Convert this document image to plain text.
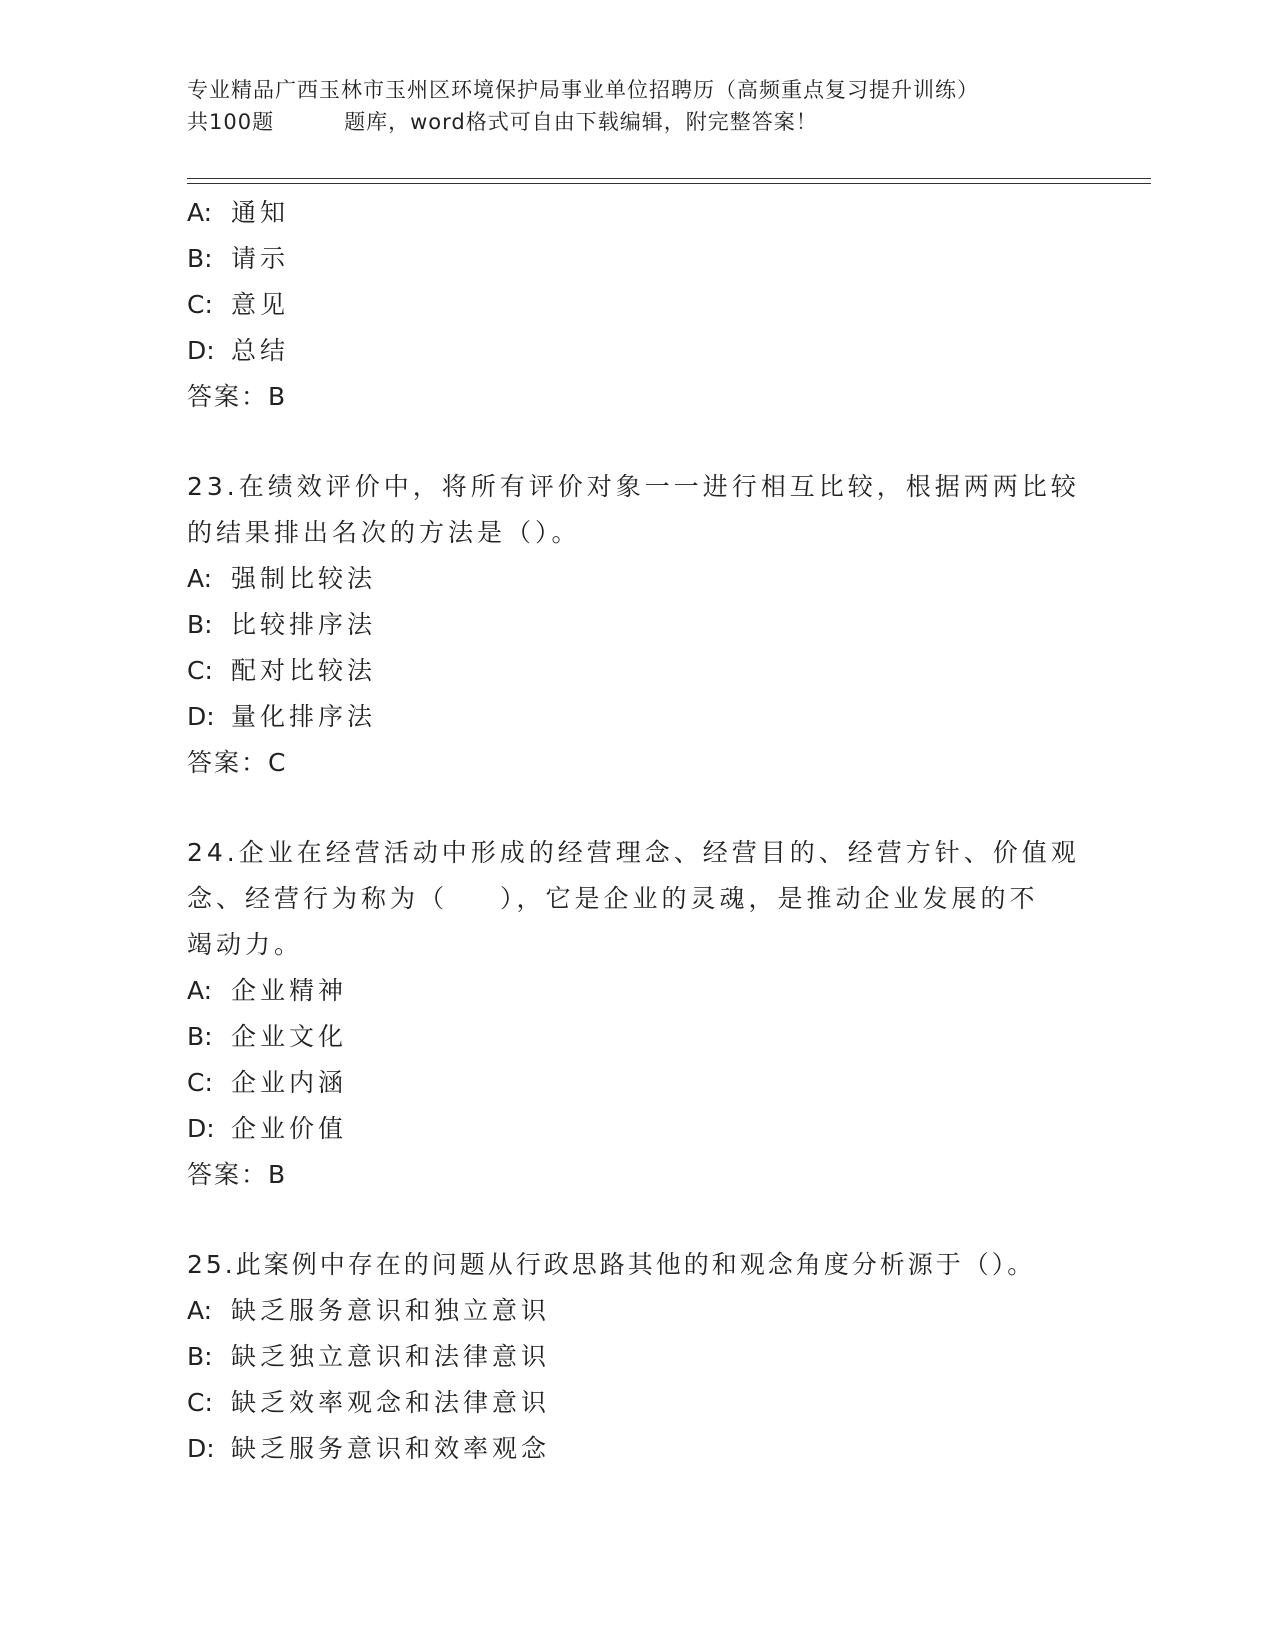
专业精品广西玉林市玉州区环境保护局事业单位招聘历（高频重点复习提升训练）
共100题	题库，word格式可自由下载编辑，附完整答案！
A: 通知
B: 请示
C: 意见
D: 总结
答案：B
23.在绩效评价中，将所有评价对象一一进行相互比较，根据两两比较
的结果排出名次的方法是（）。
A: 强制比较法
B: 比较排序法
C: 配对比较法
D: 量化排序法
答案：C
24.企业在经营活动中形成的经营理念、经营目的、经营方针、价值观
念、经营行为称为（ ），它是企业的灵魂，是推动企业发展的不
竭动力。
A: 企业精神
B: 企业文化
C: 企业内涵
D: 企业价值
答案：B
25.此案例中存在的问题从行政思路其他的和观念角度分析源于（）。
A: 缺乏服务意识和独立意识
B: 缺乏独立意识和法律意识
C: 缺乏效率观念和法律意识
D: 缺乏服务意识和效率观念
